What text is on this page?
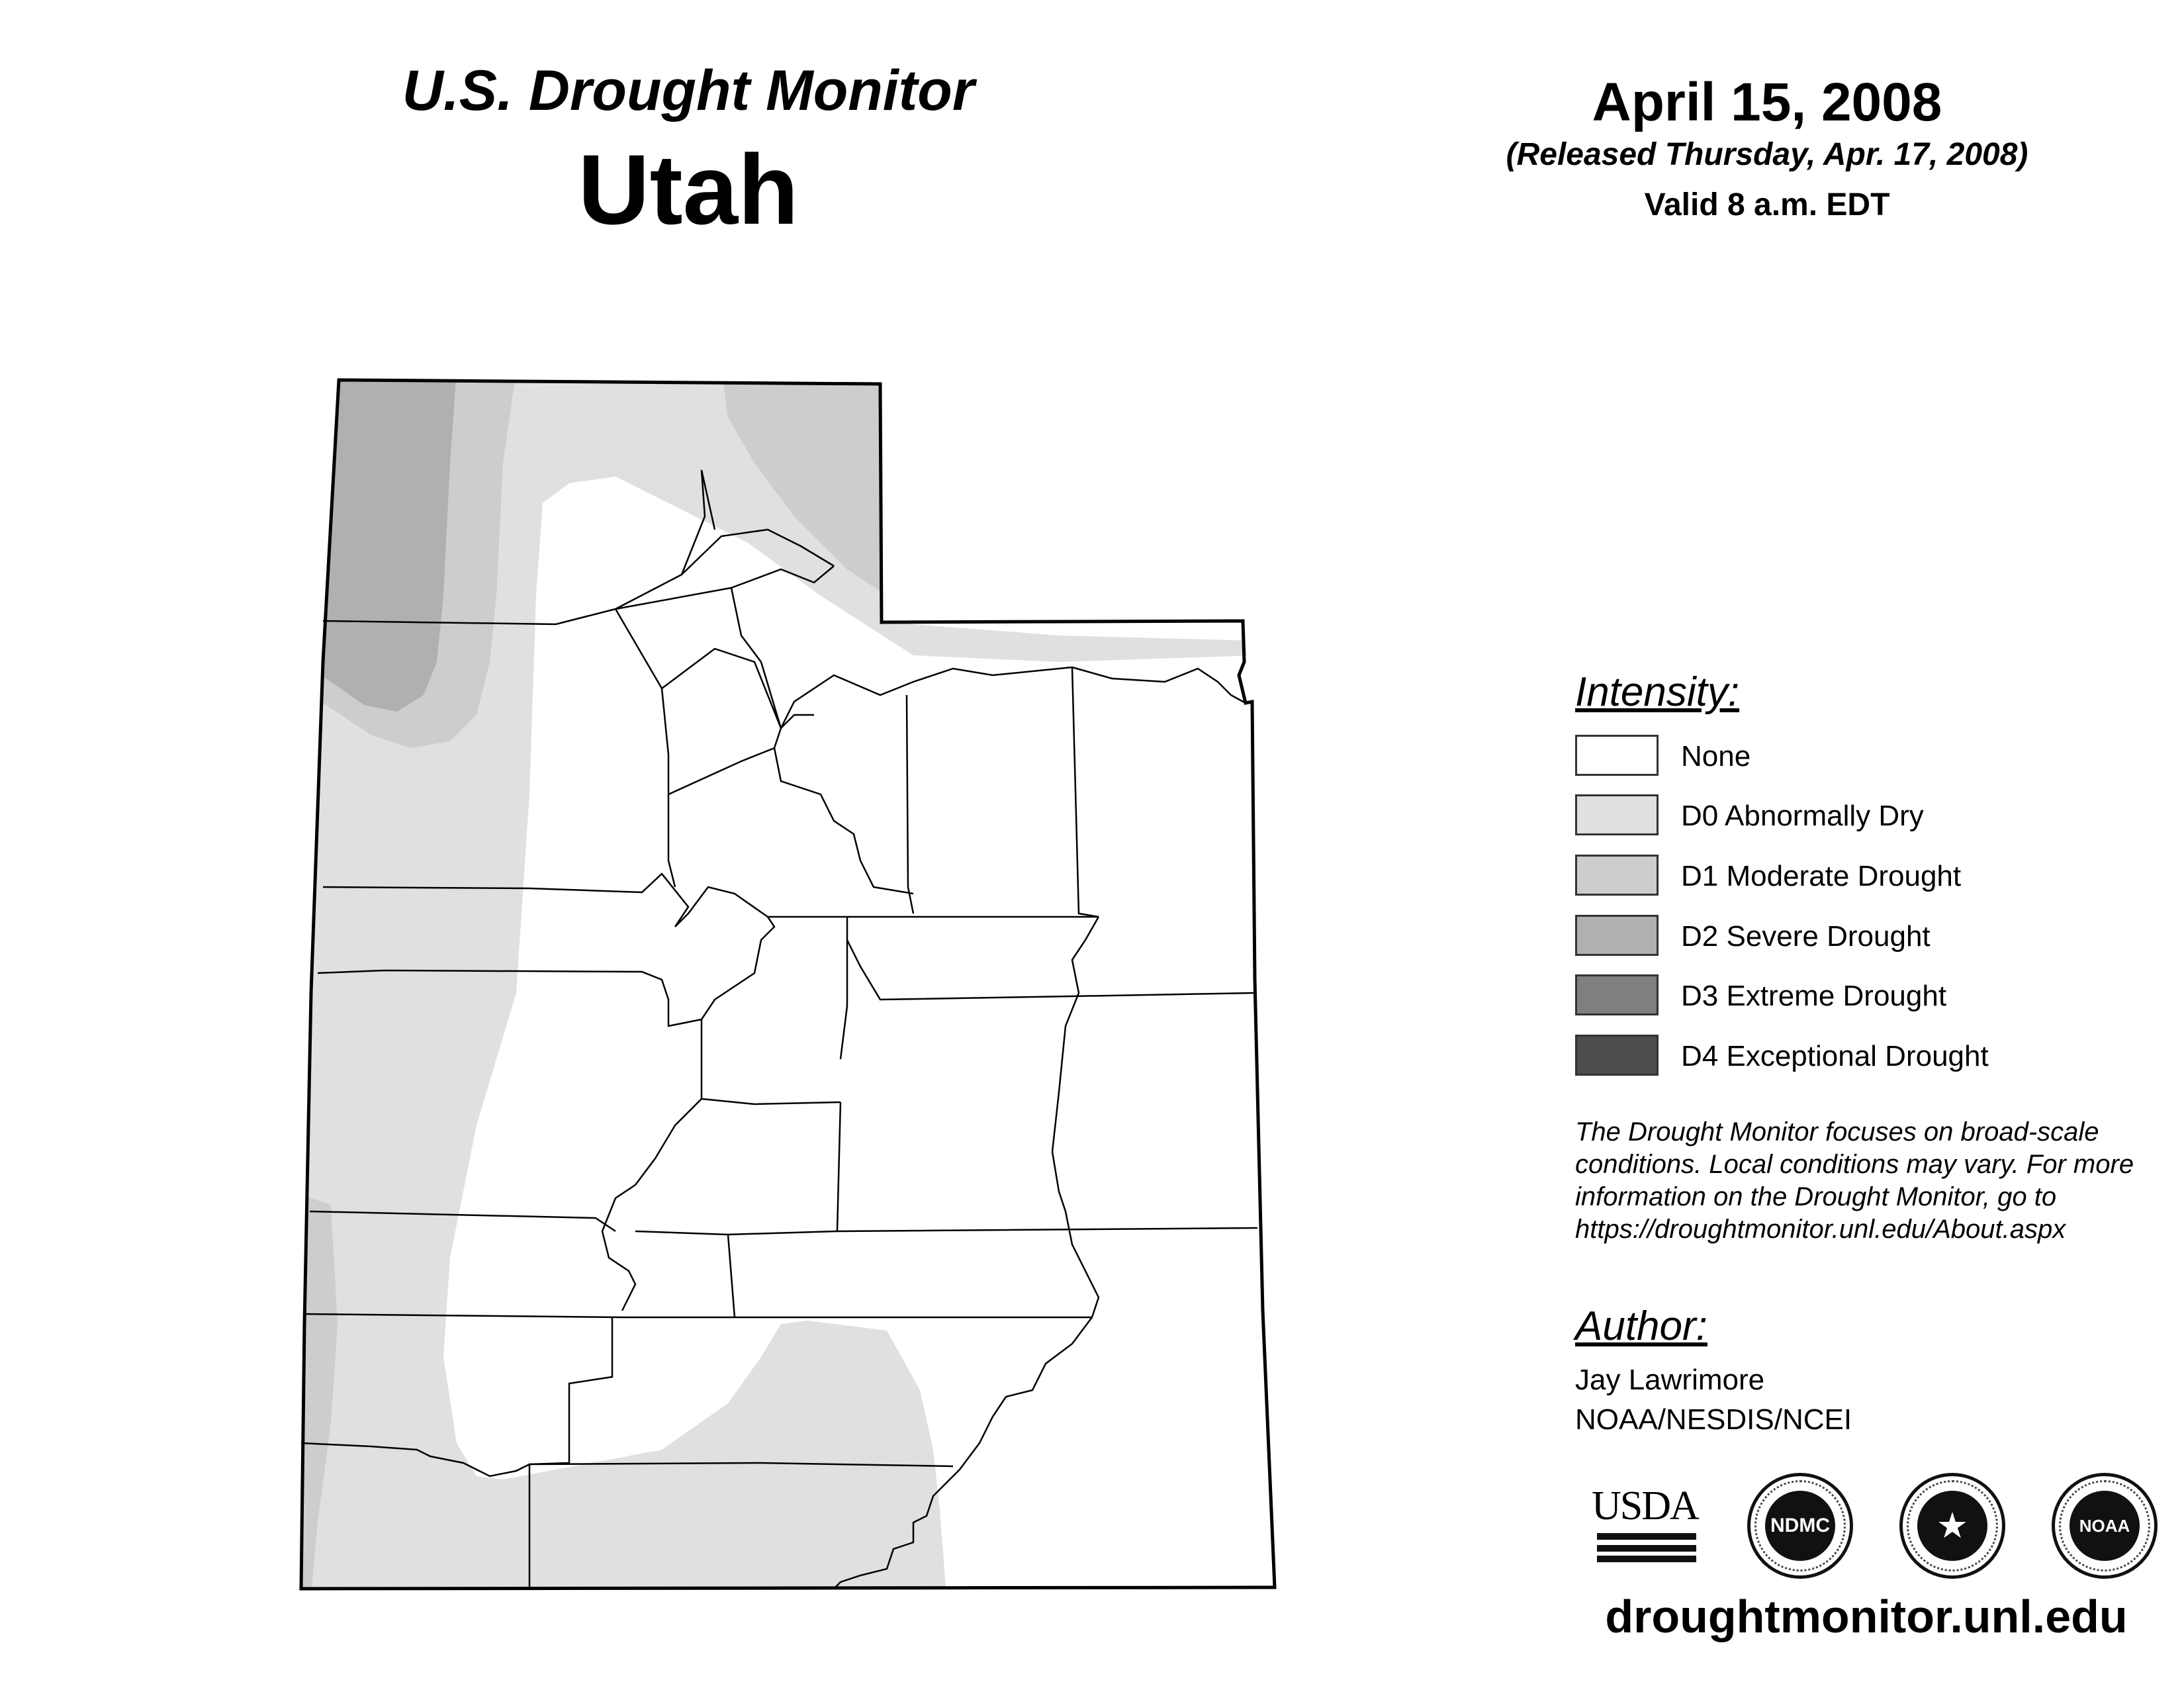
U.S. Drought Monitor
Utah
April 15, 2008
(Released Thursday, Apr. 17, 2008)
Valid 8 a.m. EDT
Intensity:
None
D0 Abnormally Dry
D1 Moderate Drought
D2 Severe Drought
D3 Extreme Drought
D4 Exceptional Drought
The Drought Monitor focuses on broad-scale conditions. Local conditions may vary. For more information on the Drought Monitor, go to https://droughtmonitor.unl.edu/About.aspx
Author:
Jay Lawrimore
NOAA/NESDIS/NCEI
USDA	NDMC	★	NOAA
droughtmonitor.unl.edu
